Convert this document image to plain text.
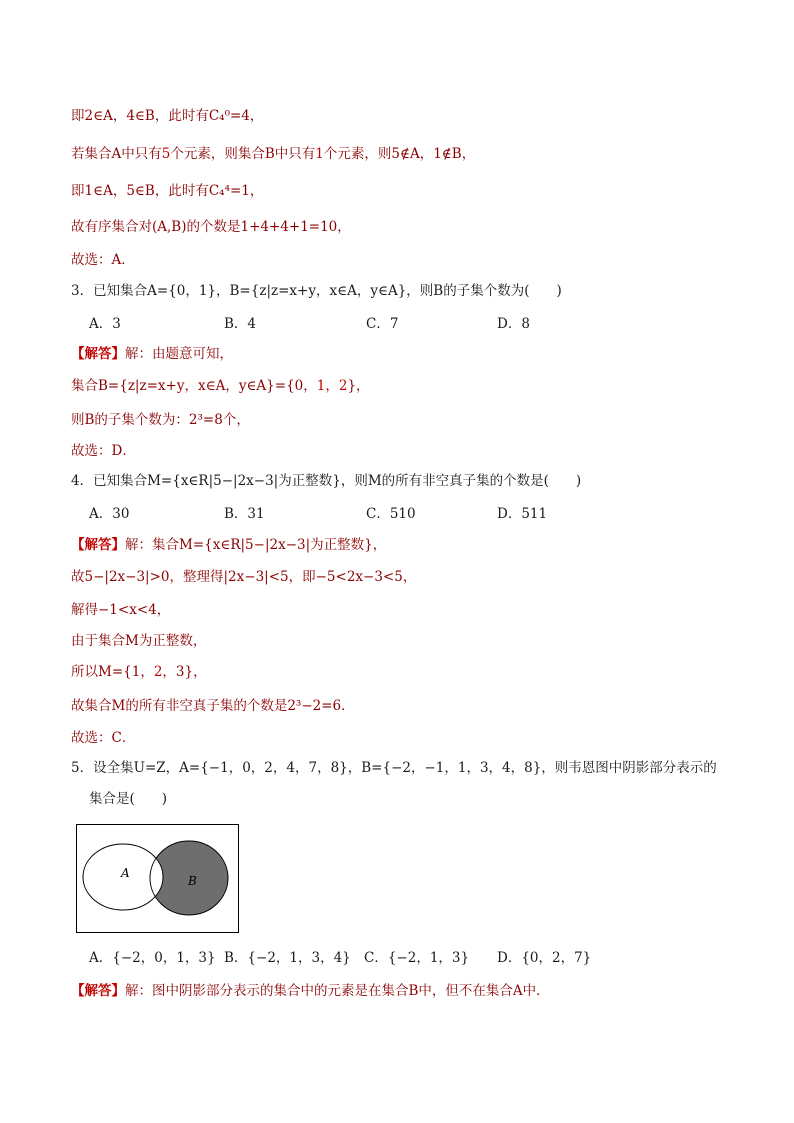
即2∈A，4∈B，此时有C₄⁰=4，
若集合A中只有5个元素，则集合B中只有1个元素，则5∉A，1∉B，
即1∈A，5∈B，此时有C₄⁴=1，
故有序集合对(A,B)的个数是1+4+4+1=10，
故选：A．
3．已知集合A={0，1}，B={z|z=x+y，x∈A，y∈A}，则B的子集个数为(　　)
A．3	B．4	C．7	D．8
【解答】解：由题意可知，
集合B={z|z=x+y，x∈A，y∈A}={0，1，2}，
则B的子集个数为：2³=8个，
故选：D．
4．已知集合M={x∈R|5−|2x−3|为正整数}，则M的所有非空真子集的个数是(　　)
A．30	B．31	C．510	D．511
【解答】解：集合M={x∈R|5−|2x−3|为正整数}，
故5−|2x−3|>0，整理得|2x−3|<5，即−5<2x−3<5，
解得−1<x<4，
由于集合M为正整数，
所以M={1，2，3}，
故集合M的所有非空真子集的个数是2³−2=6．
故选：C．
5．设全集U=Z，A={−1，0，2，4，7，8}，B={−2，−1，1，3，4，8}，则韦恩图中阴影部分表示的
集合是(　　)
A
B
A．{−2，0，1，3} B．{−2，1，3，4} C．{−2，1，3} D．{0，2，7}
【解答】解：图中阴影部分表示的集合中的元素是在集合B中，但不在集合A中．
